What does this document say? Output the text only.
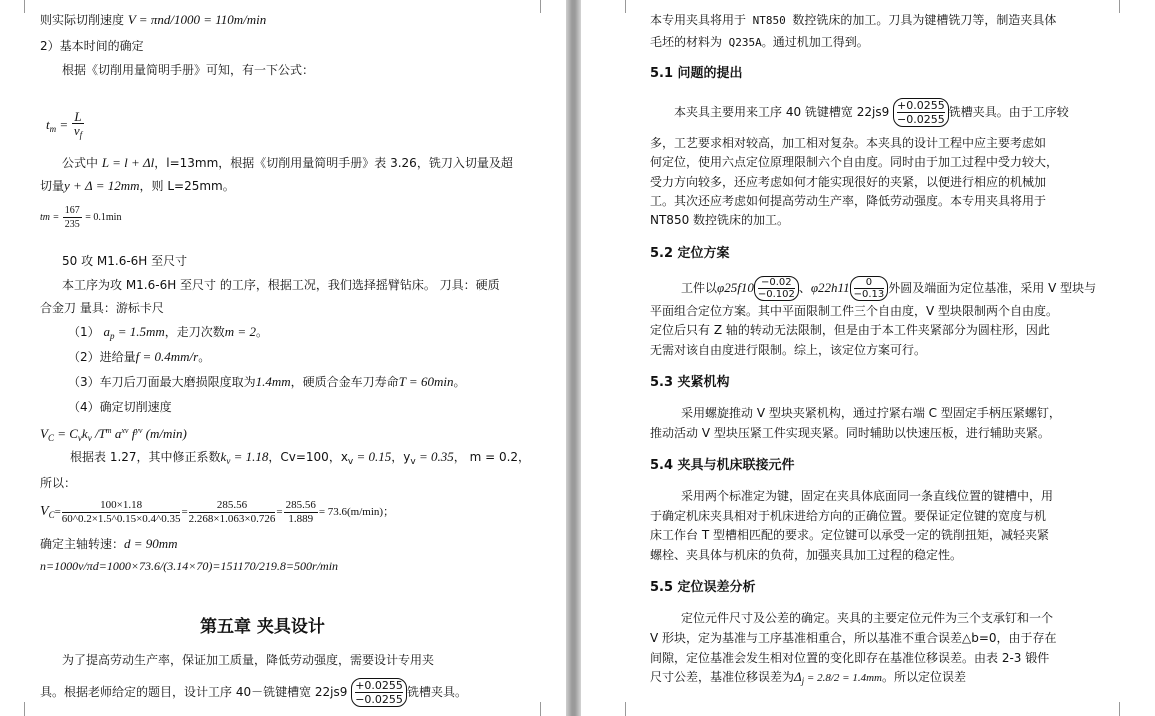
则实际切削速度 V = πnd/1000 = 110m/min
2）基本时间的确定
根据《切削用量简明手册》可知，有一下公式：
$t_m = \frac{L}{v_f}$
公式中 L = l + Δl，l=13mm，根据《切削用量简明手册》表 3.26，铣刀入切量及超
切量y + Δ = 12mm，则 L=25mm。
tm = $\frac{167}{235} = 0.1\min$
50 攻 M1.6-6H 至尺寸
本工序为攻 M1.6-6H 至尺寸 的工序，根据工况，我们选择摇臂钻床。 刀具：硬质
合金刀 量具：游标卡尺
（1） $a_p = 1.5mm$，走刀次数m = 2。
（2）进给量f = 0.4mm/r。
（3）车刀后刀面最大磨损限度取为1.4mm，硬质合金车刀寿命T = 60min。
（4）确定切削速度
$V_C = C_vk_v$ $/T^m$ $a^{xv}$ $f^{yv}$ (m/min)
根据表 1.27，其中修正系数$k_v = 1.18$，Cv=100，$x_v = 0.15$，$y_v = 0.35$， m = 0.2，
所以：
$V_C= \frac{100\times 1.18}{60\^{}0.2\times 1.5\^{}0.15\times 0.4\^{}0.35} = \frac{285.56}{2.268\times 1.063\times 0.726} = \frac{285.56}{1.889} = 73.6(m/\min)$；
确定主轴转速：d = 90mm
n=1000v/πd=1000×73.6/(3.14×70)=151170/219.8=500r/min
第五章 夹具设计
为了提高劳动生产率，保证加工质量，降低劳动强度，需要设计专用夹
具。根据老师给定的题目，设计工序 40－铣键槽宽 $22js9 \frac{+0.0255}{-0.0255}$ 铣槽夹具。
本专用夹具将用于 NT850 数控铣床的加工。刀具为键槽铣刀等，制造夹具体
毛坯的材料为 Q235A。通过机加工得到。
5.1 问题的提出
本夹具主要用来工序 40 铣键槽宽 $22js9 \frac{+0.0255}{-0.0255}$ 铣槽夹具。由于工序较
多，工艺要求相对较高，加工相对复杂。本夹具的设计工程中应主要考虑如
何定位，使用六点定位原理限制六个自由度。同时由于加工过程中受力较大，
受力方向较多，还应考虑如何才能实现很好的夹紧，以便进行相应的机械加
工。其次还应考虑如何提高劳动生产率，降低劳动强度。本专用夹具将用于
NT850 数控铣床的加工。
5.2 定位方案
工件以$\varphi 25f10 \frac{-0.02}{-0.102}$ 、$\varphi 22h11 \frac{0}{-0.13}$ 外圆及端面为定位基准，采用 V 型块与
平面组合定位方案。其中平面限制工件三个自由度，V 型块限制两个自由度。
定位后只有 Z 轴的转动无法限制，但是由于本工件夹紧部分为圆柱形，因此
无需对该自由度进行限制。综上，该定位方案可行。
5.3 夹紧机构
采用螺旋推动 V 型块夹紧机构，通过拧紧右端 C 型固定手柄压紧螺钉，
推动活动 V 型块压紧工件实现夹紧。同时辅助以快速压板，进行辅助夹紧。
5.4 夹具与机床联接元件
采用两个标准定为键，固定在夹具体底面同一条直线位置的键槽中，用
于确定机床夹具相对于机床进给方向的正确位置。要保证定位键的宽度与机
床工作台 T 型槽相匹配的要求。定位键可以承受一定的铣削扭矩，减轻夹紧
螺栓、夹具体与机床的负荷，加强夹具加工过程的稳定性。
5.5 定位误差分析
定位元件尺寸及公差的确定。夹具的主要定位元件为三个支承钉和一个
V 形块，定为基准与工序基准相重合，所以基准不重合误差△b=0，由于存在
间隙，定位基准会发生相对位置的变化即存在基准位移误差。由表 2-3 锻件
尺寸公差，基准位移误差为$\Delta_j = 2.8/2 = 1.4mm$。所以定位误差
